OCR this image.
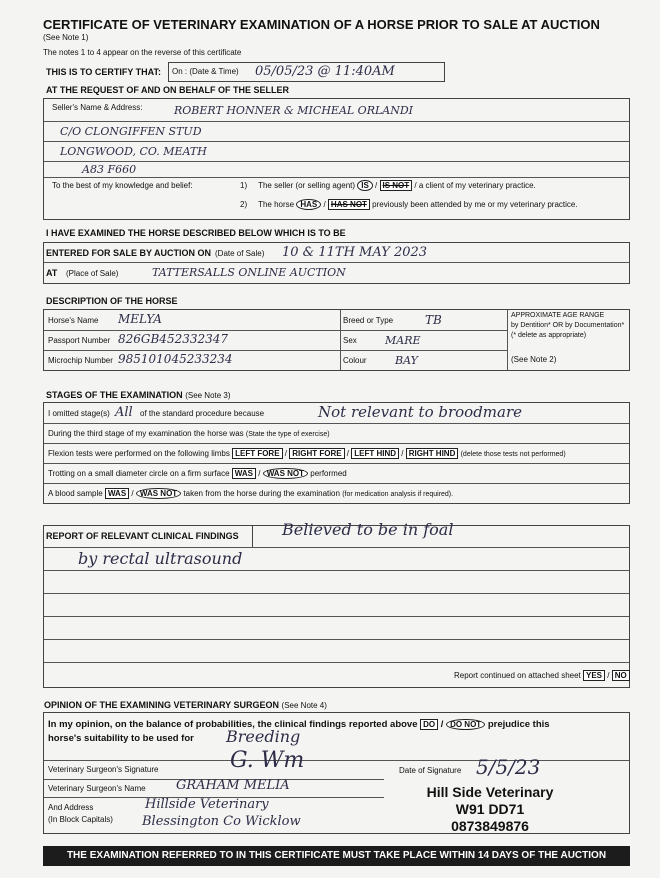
CERTIFICATE OF VETERINARY EXAMINATION OF A HORSE PRIOR TO SALE AT AUCTION
(See Note 1)
The notes 1 to 4 appear on the reverse of this certificate
THIS IS TO CERTIFY THAT: On : (Date & Time) 05/05/23 @ 11:40AM
AT THE REQUEST OF AND ON BEHALF OF THE SELLER
Seller's Name & Address:	ROBERT HONNER & MICHEAL ORLANDI
C/O CLONGIFFEN STUD
LONGWOOD, CO. MEATH
A83 F660
To the best of my knowledge and belief:	1) The seller (or selling agent) IS / IS NOT / a client of my veterinary practice.
2) The horse HAS / HAS NOT previously been attended by me or my veterinary practice.
I HAVE EXAMINED THE HORSE DESCRIBED BELOW WHICH IS TO BE
ENTERED FOR SALE BY AUCTION ON (Date of Sale) 10 & 11TH MAY 2023
AT (Place of Sale)	TATTERSALLS ONLINE AUCTION
DESCRIPTION OF THE HORSE
Horse's Name MELYA	Breed or Type	TB	APPROXIMATE AGE RANGE
by Dentition* OR by Documentation*
(* delete as appropriate)
(See Note 2)
Passport Number 826GB452332347	Sex	MARE
Microchip Number 985101045233234	Colour	BAY
STAGES OF THE EXAMINATION (See Note 3)
I omitted stage(s) All of the standard procedure because	Not relevant to broodmare
During the third stage of my examination the horse was (State the type of exercise)
Flexion tests were performed on the following limbs LEFT FORE / RIGHT FORE / LEFT HIND / RIGHT HIND (delete those tests not performed)
Trotting on a small diameter circle on a firm surface WAS / WAS NOT performed
A blood sample WAS / WAS NOT taken from the horse during the examination (for medication analysis if required).
REPORT OF RELEVANT CLINICAL FINDINGS	Believed to be in foal
by rectal ultrasound
Report continued on attached sheet YES / NO
OPINION OF THE EXAMINING VETERINARY SURGEON (See Note 4)
In my opinion, on the balance of probabilities, the clinical findings reported above DO / DO NOT prejudice this
horse's suitability to be used for Breeding
Veterinary Surgeon's Signature	G. Wm	Date of Signature 5/5/23
Veterinary Surgeon's Name GRAHAM MELIA
And Address
(In Block Capitals)
Hillside Veterinary
Blessington Co Wicklow
Hill Side Veterinary
W91 DD71
0873849876
THE EXAMINATION REFERRED TO IN THIS CERTIFICATE MUST TAKE PLACE WITHIN 14 DAYS OF THE AUCTION
